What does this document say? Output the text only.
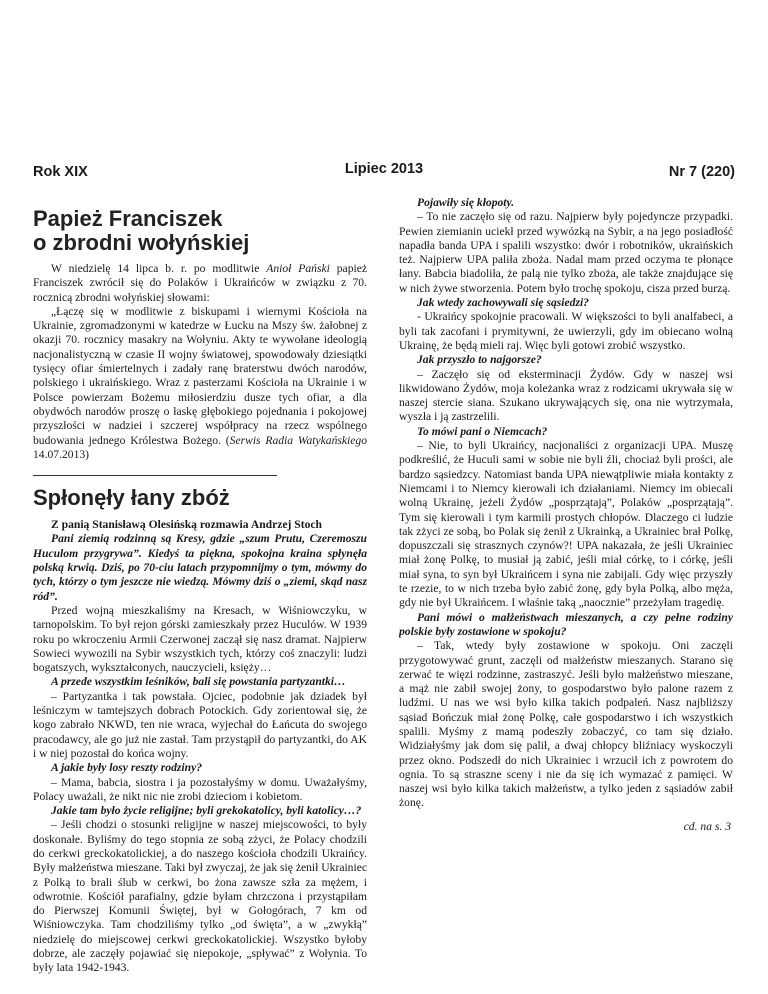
Rok XIX	Lipiec 2013	Nr 7 (220)
Papież Franciszek
o zbrodni wołyńskiej

W niedzielę 14 lipca b. r. po modlitwie Anioł Pański papież Franciszek zwrócił się do Polaków i Ukraińców w związku z 70. rocznicą zbrodni wołyńskiej słowami:

„Łączę się w modlitwie z biskupami i wiernymi Kościoła na Ukrainie, zgromadzonymi w katedrze w Łucku na Mszy św. żałobnej z okazji 70. rocznicy masakry na Wołyniu. Akty te wywołane ideologią nacjonalistyczną w czasie II wojny światowej, spowodowały dziesiątki tysięcy ofiar śmiertelnych i zadały ranę braterstwu dwóch narodów, polskiego i ukraińskiego. Wraz z pasterzami Kościoła na Ukrainie i w Polsce powierzam Bożemu miłosierdziu dusze tych ofiar, a dla obydwóch narodów proszę o łaskę głębokiego pojednania i pokojowej przyszłości w nadziei i szczerej współpracy na rzecz wspólnego budowania jednego Królestwa Bożego. (Serwis Radia Watykańskiego 14.07.2013)

Spłonęły łany zbóż

Z panią Stanisławą Olesińską rozmawia Andrzej Stoch

Pani ziemią rodzinną są Kresy, gdzie „szum Prutu, Czeremoszu Huculom przygrywa”. Kiedyś ta piękna, spokojna kraina spłynęła polską krwią. Dziś, po 70-ciu latach przypomnijmy o tym, mówmy do tych, którzy o tym jeszcze nie wiedzą. Mówmy dziś o „ziemi, skąd nasz ród”.

Przed wojną mieszkaliśmy na Kresach, w Wiśniowczyku, w tarnopolskim. To był rejon górski zamieszkały przez Huculów. W 1939 roku po wkroczeniu Armii Czerwonej zaczął się nasz dramat. Najpierw Sowieci wywozili na Sybir wszystkich tych, którzy coś znaczyli: ludzi bogatszych, wykształconych, nauczycieli, księży…

A przede wszystkim leśników, bali się powstania partyzantki…

– Partyzantka i tak powstała. Ojciec, podobnie jak dziadek był leśniczym w tamtejszych dobrach Potockich. Gdy zorientował się, że kogo zabrało NKWD, ten nie wraca, wyjechał do Łańcuta do swojego pracodawcy, ale go już nie zastał. Tam przystąpił do partyzantki, do AK i w niej pozostał do końca wojny.

A jakie były losy reszty rodziny?

– Mama, babcia, siostra i ja pozostałyśmy w domu. Uważałyśmy, Polacy uważali, że nikt nic nie zrobi dzieciom i kobietom.

Jakie tam było życie religijne; byli grekokatolicy, byli katolicy…?

– Jeśli chodzi o stosunki religijne w naszej miejscowości, to były doskonałe. Byliśmy do tego stopnia ze sobą zżyci, że Polacy chodzili do cerkwi greckokatolickiej, a do naszego kościoła chodzili Ukraińcy. Były małżeństwa mieszane. Taki był zwyczaj, że jak się żenił Ukrainiec z Polką to brali ślub w cerkwi, bo żona zawsze szła za mężem, i odwrotnie. Kościół parafialny, gdzie byłam chrzczona i przystąpiłam do Pierwszej Komunii Świętej, był w Gołogórach, 7 km od Wiśniowczyka. Tam chodziliśmy tylko „od święta”, a w „zwykłą” niedzielę do miejscowej cerkwi greckokatolickiej. Wszystko byłoby dobrze, ale zaczęły pojawiać się niepokoje, „spływać” z Wołynia. To były lata 1942-1943.

Pojawiły się kłopoty.

– To nie zaczęło się od razu. Najpierw były pojedyncze przypadki. Pewien ziemianin uciekł przed wywózką na Sybir, a na jego posiadłość napadła banda UPA i spalili wszystko: dwór i robotników, ukraińskich też. Najpierw UPA paliła zboża. Nadal mam przed oczyma te płonące łany. Babcia biadoliła, że palą nie tylko zboża, ale także znajdujące się w nich żywe stworzenia. Potem było trochę spokoju, cisza przed burzą.

Jak wtedy zachowywali się sąsiedzi?

- Ukraińcy spokojnie pracowali. W większości to byli analfabeci, a byli tak zacofani i prymitywni, że uwierzyli, gdy im obiecano wolną Ukrainę, że będą mieli raj. Więc byli gotowi zrobić wszystko.

Jak przyszło to najgorsze?

– Zaczęło się od eksterminacji Żydów. Gdy w naszej wsi likwidowano Żydów, moja koleżanka wraz z rodzicami ukrywała się w naszej stercie siana. Szukano ukrywających się, ona nie wytrzymała, wyszła i ją zastrzelili.

To mówi pani o Niemcach?

– Nie, to byli Ukraińcy, nacjonaliści z organizacji UPA. Muszę podkreślić, że Huculi sami w sobie nie byli źli, chociaż byli prości, ale bardzo sąsiedzcy. Natomiast banda UPA niewątpliwie miała kontakty z Niemcami i to Niemcy kierowali ich działaniami. Niemcy im obiecali wolną Ukrainę, jeżeli Żydów „posprzątają”, Polaków „posprzątają”. Tym się kierowali i tym karmili prostych chłopów. Dlaczego ci ludzie tak zżyci ze sobą, bo Polak się żenił z Ukrainką, a Ukrainiec brał Polkę, dopuszczali się strasznych czynów?! UPA nakazała, że jeśli Ukrainiec miał żonę Polkę, to musiał ją zabić, jeśli miał córkę, to i córkę, jeśli miał syna, to syn był Ukraińcem i syna nie zabijali. Gdy więc przyszły te rzezie, to w nich trzeba było zabić żonę, gdy była Polką, albo męża, gdy nie był Ukraińcem. I właśnie taką „naocznie” przeżyłam tragedię.

Pani mówi o małżeństwach mieszanych, a czy pełne rodziny polskie były zostawione w spokoju?

– Tak, wtedy były zostawione w spokoju. Oni zaczęli przygotowywać grunt, zaczęli od małżeństw mieszanych. Starano się zerwać te więzi rodzinne, zastraszyć. Jeśli było małżeństwo mieszane, a mąż nie zabił swojej żony, to gospodarstwo było palone razem z ludźmi. U nas we wsi było kilka takich podpaleń. Nasz najbliższy sąsiad Bończuk miał żonę Polkę, całe gospodarstwo i ich wszystkich spalili. Myśmy z mamą podeszły zobaczyć, co tam się działo. Widziałyśmy jak dom się palił, a dwaj chłopcy bliźniacy wyskoczyli przez okno. Podszedł do nich Ukrainiec i wrzucił ich z powrotem do ognia. To są straszne sceny i nie da się ich wymazać z pamięci. W naszej wsi było kilka takich małżeństw, a tylko jeden z sąsiadów zabił żonę.

cd. na s. 3
